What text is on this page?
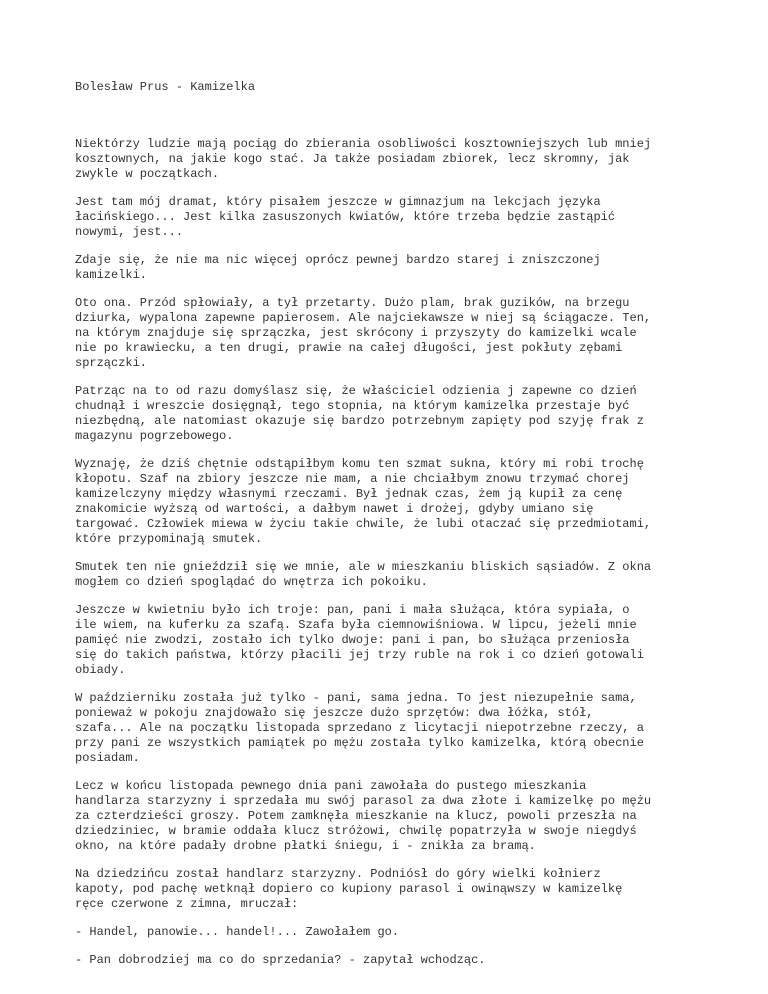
Bolesław Prus - Kamizelka

Niektórzy ludzie mają pociąg do zbierania osobliwości kosztowniejszych lub mniej
kosztownych, na jakie kogo stać. Ja także posiadam zbiorek, lecz skromny, jak
zwykle w początkach.

Jest tam mój dramat, który pisałem jeszcze w gimnazjum na lekcjach języka
łacińskiego... Jest kilka zasuszonych kwiatów, które trzeba będzie zastąpić
nowymi, jest...

Zdaje się, że nie ma nic więcej oprócz pewnej bardzo starej i zniszczonej
kamizelki.

Oto ona. Przód spłowiały, a tył przetarty. Dużo plam, brak guzików, na brzegu
dziurka, wypalona zapewne papierosem. Ale najciekawsze w niej są ściągacze. Ten,
na którym znajduje się sprzączka, jest skrócony i przyszyty do kamizelki wcale
nie po krawiecku, a ten drugi, prawie na całej długości, jest pokłuty zębami
sprzączki.

Patrząc na to od razu domyślasz się, że właściciel odzienia j zapewne co dzień
chudnął i wreszcie dosięgnął, tego stopnia, na którym kamizelka przestaje być
niezbędną, ale natomiast okazuje się bardzo potrzebnym zapięty pod szyję frak z
magazynu pogrzebowego.

Wyznaję, że dziś chętnie odstąpiłbym komu ten szmat sukna, który mi robi trochę
kłopotu. Szaf na zbiory jeszcze nie mam, a nie chciałbym znowu trzymać chorej
kamizelczyny między własnymi rzeczami. Był jednak czas, żem ją kupił za cenę
znakomicie wyższą od wartości, a dałbym nawet i drożej, gdyby umiano się
targować. Człowiek miewa w życiu takie chwile, że lubi otaczać się przedmiotami,
które przypominają smutek.

Smutek ten nie gnieździł się we mnie, ale w mieszkaniu bliskich sąsiadów. Z okna
mogłem co dzień spoglądać do wnętrza ich pokoiku.

Jeszcze w kwietniu było ich troje: pan, pani i mała służąca, która sypiała, o
ile wiem, na kuferku za szafą. Szafa była ciemnowiśniowa. W lipcu, jeżeli mnie
pamięć nie zwodzi, zostało ich tylko dwoje: pani i pan, bo służąca przeniosła
się do takich państwa, którzy płacili jej trzy ruble na rok i co dzień gotowali
obiady.

W październiku została już tylko - pani, sama jedna. To jest niezupełnie sama,
ponieważ w pokoju znajdowało się jeszcze dużo sprzętów: dwa łóżka, stół,
szafa... Ale na początku listopada sprzedano z licytacji niepotrzebne rzeczy, a
przy pani ze wszystkich pamiątek po mężu została tylko kamizelka, którą obecnie
posiadam.

Lecz w końcu listopada pewnego dnia pani zawołała do pustego mieszkania
handlarza starzyzny i sprzedała mu swój parasol za dwa złote i kamizelkę po mężu
za czterdzieści groszy. Potem zamknęła mieszkanie na klucz, powoli przeszła na
dziedziniec, w bramie oddała klucz stróżowi, chwilę popatrzyła w swoje niegdyś
okno, na które padały drobne płatki śniegu, i - znikła za bramą.

Na dziedzińcu został handlarz starzyzny. Podniósł do góry wielki kołnierz
kapoty, pod pachę wetknął dopiero co kupiony parasol i owinąwszy w kamizelkę
ręce czerwone z zimna, mruczał:

- Handel, panowie... handel!... Zawołałem go.

- Pan dobrodziej ma co do sprzedania? - zapytał wchodząc.
